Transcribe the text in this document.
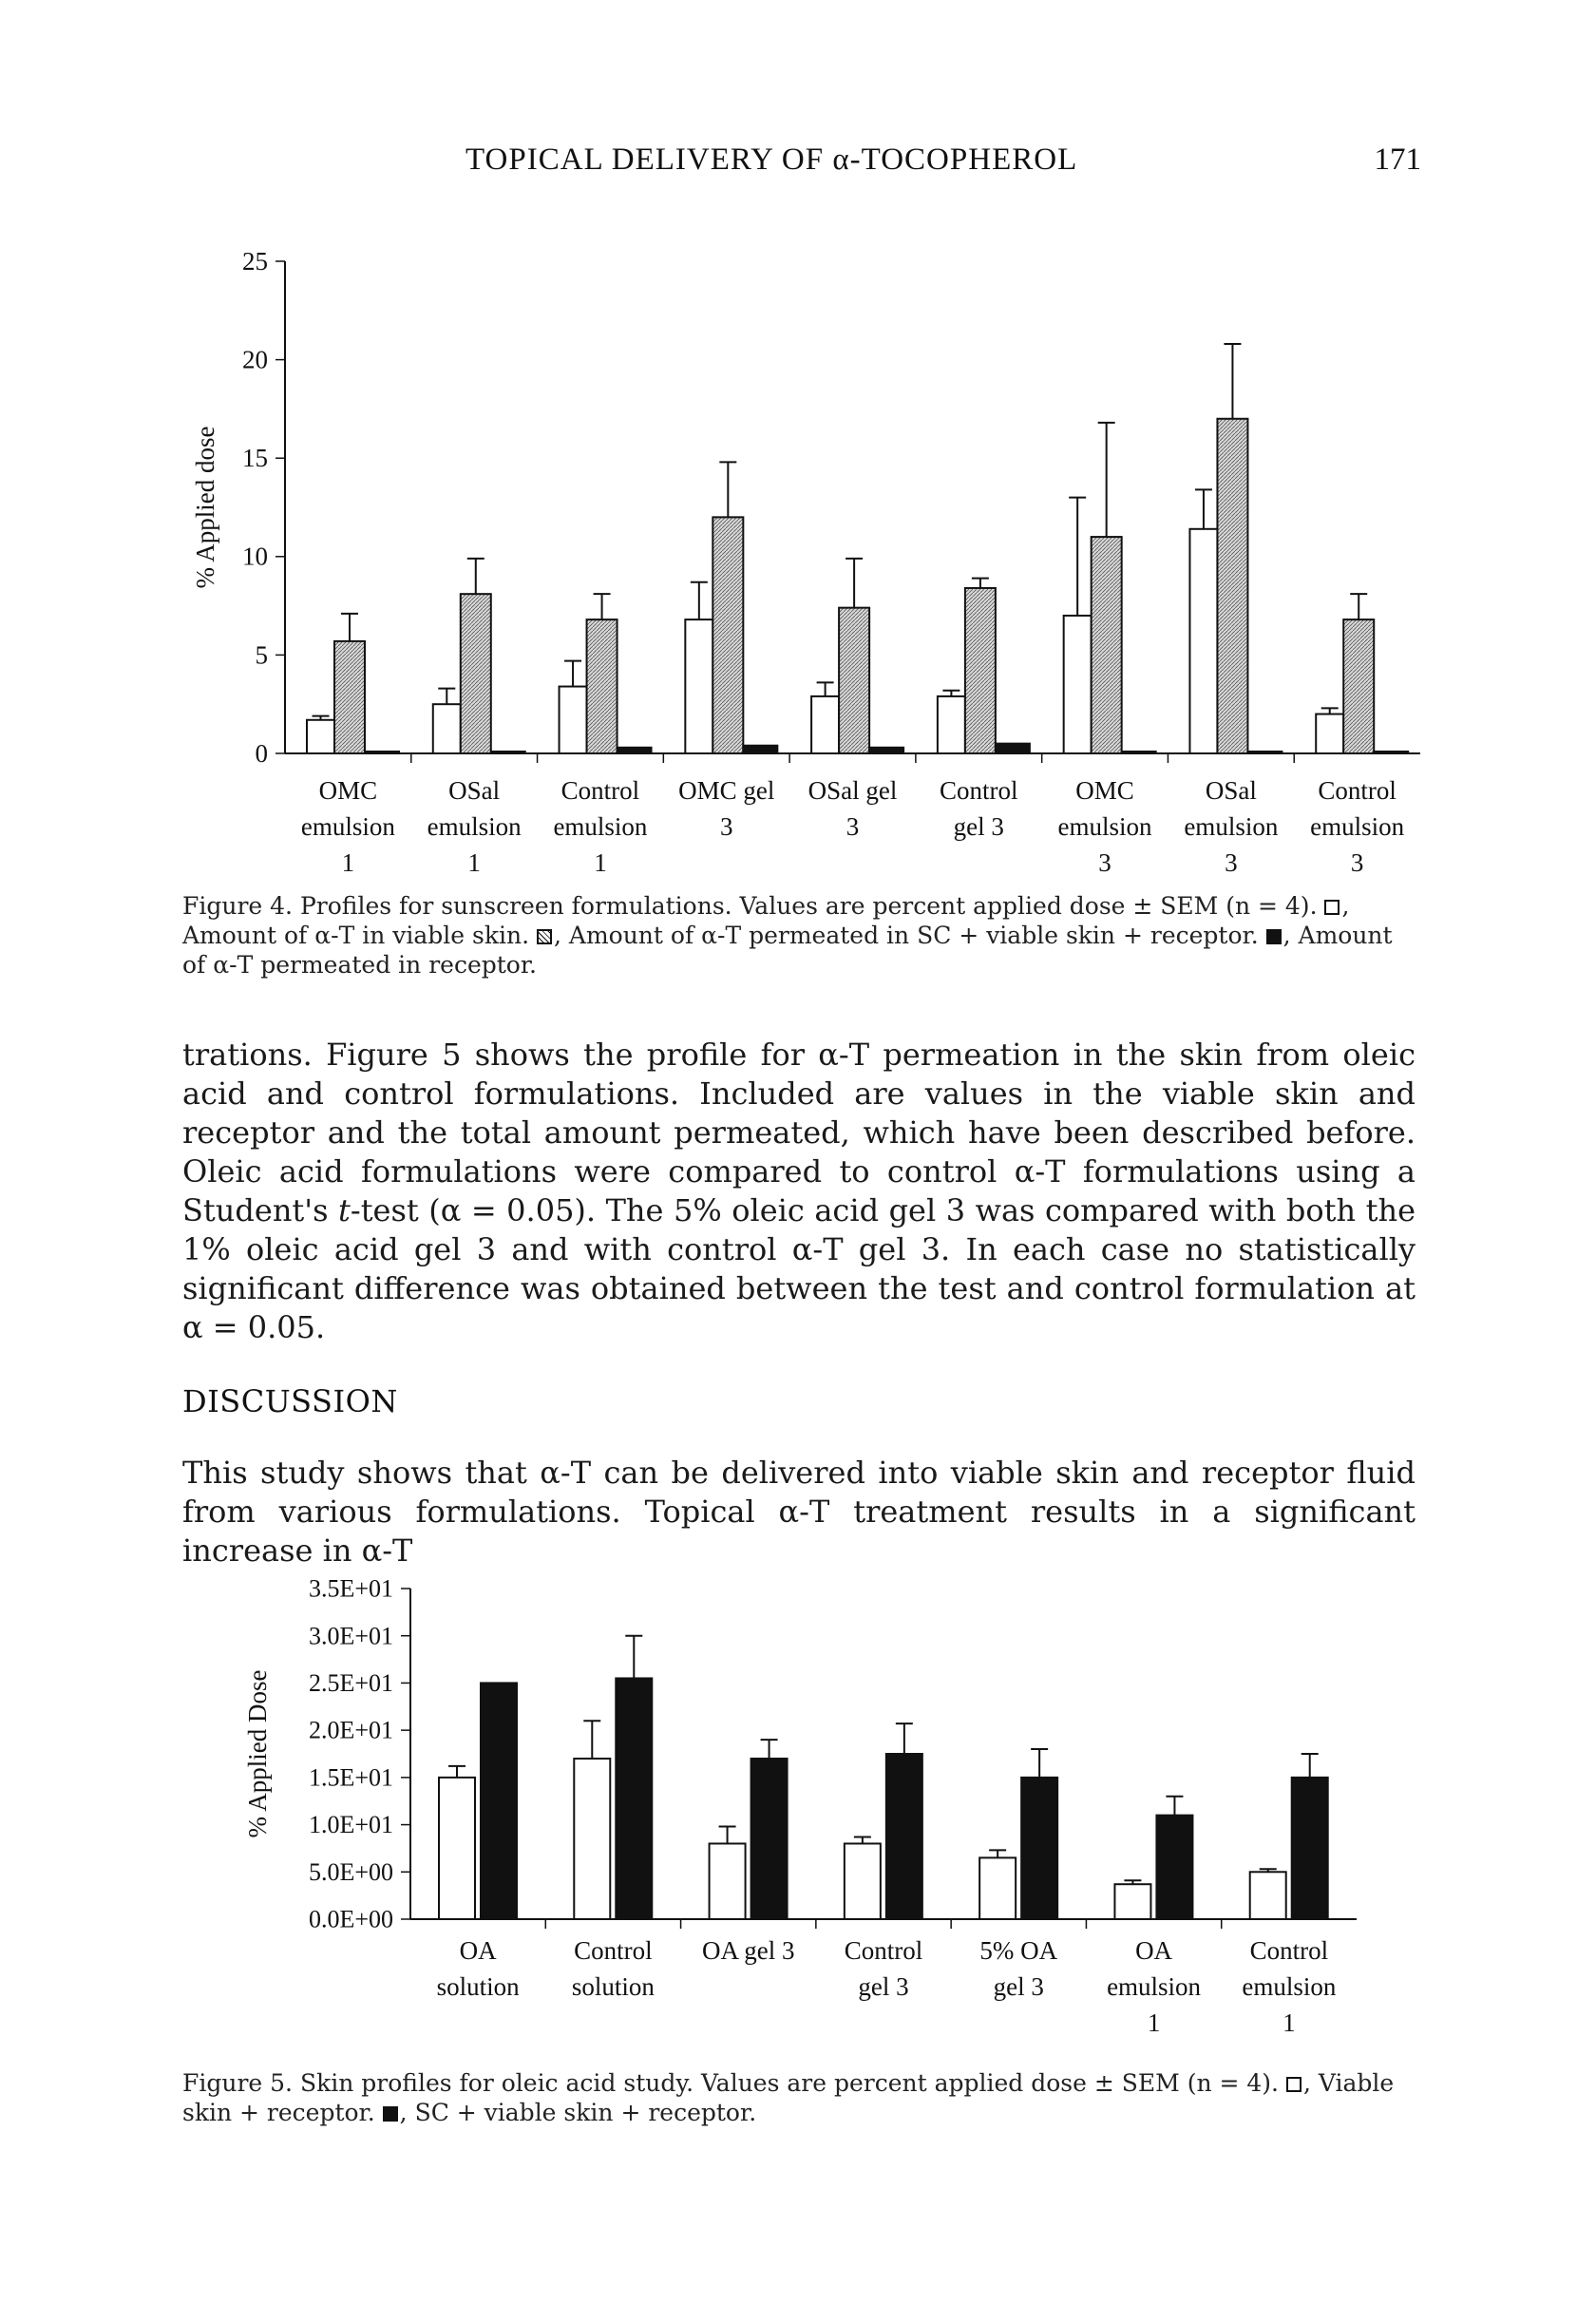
TOPICAL DELIVERY OF α-TOCOPHEROL	171
0
5
10
15
20
25
% Applied dose
OMC
emulsion
1
OSal
emulsion
1
Control
emulsion
1
OMC gel
3
OSal gel
3
Control
gel 3
OMC
emulsion
3
OSal
emulsion
3
Control
emulsion
3
Figure 4. Profiles for sunscreen formulations. Values are percent applied dose ± SEM (n = 4). , Amount of α-T in viable skin. , Amount of α-T permeated in SC + viable skin + receptor. , Amount of α-T permeated in receptor.
trations. Figure 5 shows the profile for α-T permeation in the skin from oleic acid and control formulations. Included are values in the viable skin and receptor and the total amount permeated, which have been described before. Oleic acid formulations were compared to control α-T formulations using a Student's t-test (α = 0.05). The 5% oleic acid gel 3 was compared with both the 1% oleic acid gel 3 and with control α-T gel 3. In each case no statistically significant difference was obtained between the test and control formulation at α = 0.05.
DISCUSSION
This study shows that α-T can be delivered into viable skin and receptor fluid from various formulations. Topical α-T treatment results in a significant increase in α-T
0.0E+00
5.0E+00
1.0E+01
1.5E+01
2.0E+01
2.5E+01
3.0E+01
3.5E+01
% Applied Dose
OA
solution
Control
solution
OA gel 3 Control
gel 3
5% OA
gel 3
OA
emulsion
1
Control
emulsion
1
Figure 5. Skin profiles for oleic acid study. Values are percent applied dose ± SEM (n = 4). , Viable skin + receptor. , SC + viable skin + receptor.
